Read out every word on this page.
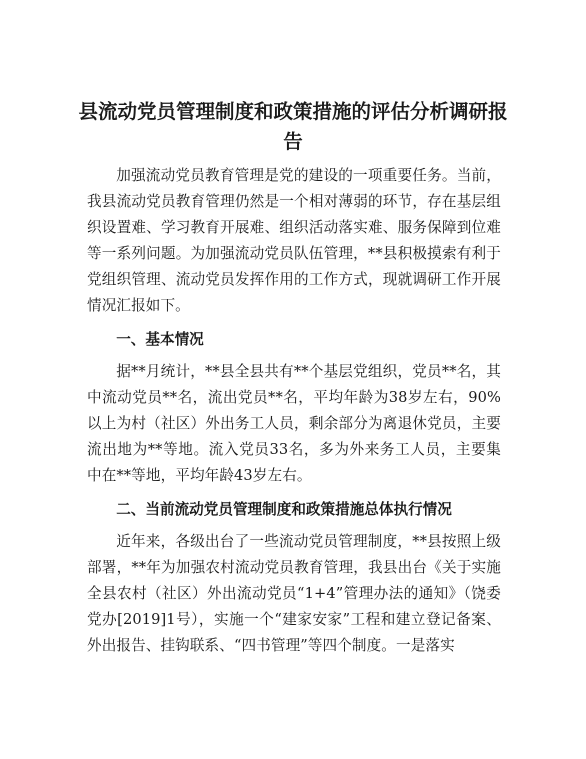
县流动党员管理制度和政策措施的评估分析调研报告

加强流动党员教育管理是党的建设的一项重要任务。当前，我县流动党员教育管理仍然是一个相对薄弱的环节，存在基层组织设置难、学习教育开展难、组织活动落实难、服务保障到位难等一系列问题。为加强流动党员队伍管理，**县积极摸索有利于党组织管理、流动党员发挥作用的工作方式，现就调研工作开展情况汇报如下。

一、基本情况

据**月统计，**县全县共有**个基层党组织，党员**名，其中流动党员**名，流出党员**名，平均年龄为38岁左右，90%以上为村（社区）外出务工人员，剩余部分为离退休党员，主要流出地为**等地。流入党员33名，多为外来务工人员，主要集中在**等地，平均年龄43岁左右。

二、当前流动党员管理制度和政策措施总体执行情况

近年来，各级出台了一些流动党员管理制度，**县按照上级部署，**年为加强农村流动党员教育管理，我县出台《关于实施全县农村（社区）外出流动党员“1+4”管理办法的通知》（饶委党办[2019]1号），实施一个“建家安家”工程和建立登记备案、外出报告、挂钩联系、“四书管理”等四个制度。一是落实
